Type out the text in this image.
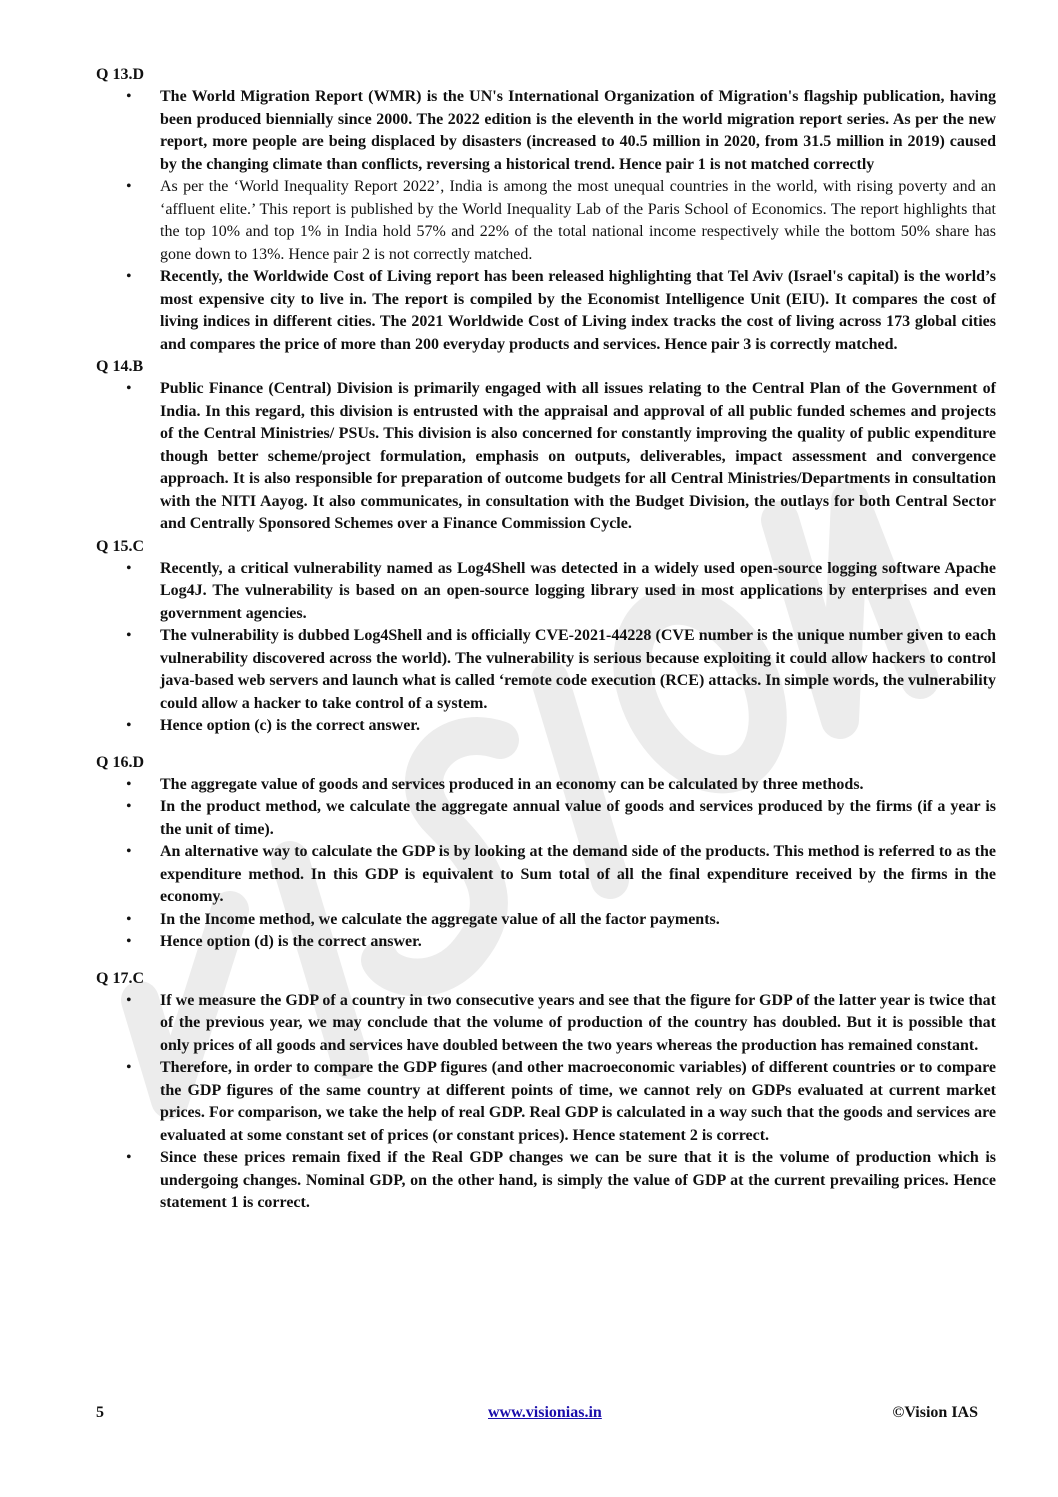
Q 13.D

• The World Migration Report (WMR) is the UN's International Organization of Migration's flagship publication, having been produced biennially since 2000. The 2022 edition is the eleventh in the world migration report series. As per the new report, more people are being displaced by disasters (increased to 40.5 million in 2020, from 31.5 million in 2019) caused by the changing climate than conflicts, reversing a historical trend. Hence pair 1 is not matched correctly
• As per the ‘World Inequality Report 2022’, India is among the most unequal countries in the world, with rising poverty and an ‘affluent elite.’ This report is published by the World Inequality Lab of the Paris School of Economics. The report highlights that the top 10% and top 1% in India hold 57% and 22% of the total national income respectively while the bottom 50% share has gone down to 13%. Hence pair 2 is not correctly matched.
• Recently, the Worldwide Cost of Living report has been released highlighting that Tel Aviv (Israel's capital) is the world’s most expensive city to live in. The report is compiled by the Economist Intelligence Unit (EIU). It compares the cost of living indices in different cities. The 2021 Worldwide Cost of Living index tracks the cost of living across 173 global cities and compares the price of more than 200 everyday products and services. Hence pair 3 is correctly matched.

Q 14.B

• Public Finance (Central) Division is primarily engaged with all issues relating to the Central Plan of the Government of India. In this regard, this division is entrusted with the appraisal and approval of all public funded schemes and projects of the Central Ministries/ PSUs. This division is also concerned for constantly improving the quality of public expenditure though better scheme/project formulation, emphasis on outputs, deliverables, impact assessment and convergence approach. It is also responsible for preparation of outcome budgets for all Central Ministries/Departments in consultation with the NITI Aayog. It also communicates, in consultation with the Budget Division, the outlays for both Central Sector and Centrally Sponsored Schemes over a Finance Commission Cycle.

Q 15.C

• Recently, a critical vulnerability named as Log4Shell was detected in a widely used open-source logging software Apache Log4J. The vulnerability is based on an open-source logging library used in most applications by enterprises and even government agencies.
• The vulnerability is dubbed Log4Shell and is officially CVE-2021-44228 (CVE number is the unique number given to each vulnerability discovered across the world). The vulnerability is serious because exploiting it could allow hackers to control java-based web servers and launch what is called ‘remote code execution (RCE) attacks. In simple words, the vulnerability could allow a hacker to take control of a system.
• Hence option (c) is the correct answer.

Q 16.D

• The aggregate value of goods and services produced in an economy can be calculated by three methods.
• In the product method, we calculate the aggregate annual value of goods and services produced by the firms (if a year is the unit of time).
• An alternative way to calculate the GDP is by looking at the demand side of the products. This method is referred to as the expenditure method. In this GDP is equivalent to Sum total of all the final expenditure received by the firms in the economy.
• In the Income method, we calculate the aggregate value of all the factor payments.
• Hence option (d) is the correct answer.

Q 17.C

• If we measure the GDP of a country in two consecutive years and see that the figure for GDP of the latter year is twice that of the previous year, we may conclude that the volume of production of the country has doubled. But it is possible that only prices of all goods and services have doubled between the two years whereas the production has remained constant.
• Therefore, in order to compare the GDP figures (and other macroeconomic variables) of different countries or to compare the GDP figures of the same country at different points of time, we cannot rely on GDPs evaluated at current market prices. For comparison, we take the help of real GDP. Real GDP is calculated in a way such that the goods and services are evaluated at some constant set of prices (or constant prices). Hence statement 2 is correct.
• Since these prices remain fixed if the Real GDP changes we can be sure that it is the volume of production which is undergoing changes. Nominal GDP, on the other hand, is simply the value of GDP at the current prevailing prices. Hence statement 1 is correct.
5	www.visionias.in	©Vision IAS
